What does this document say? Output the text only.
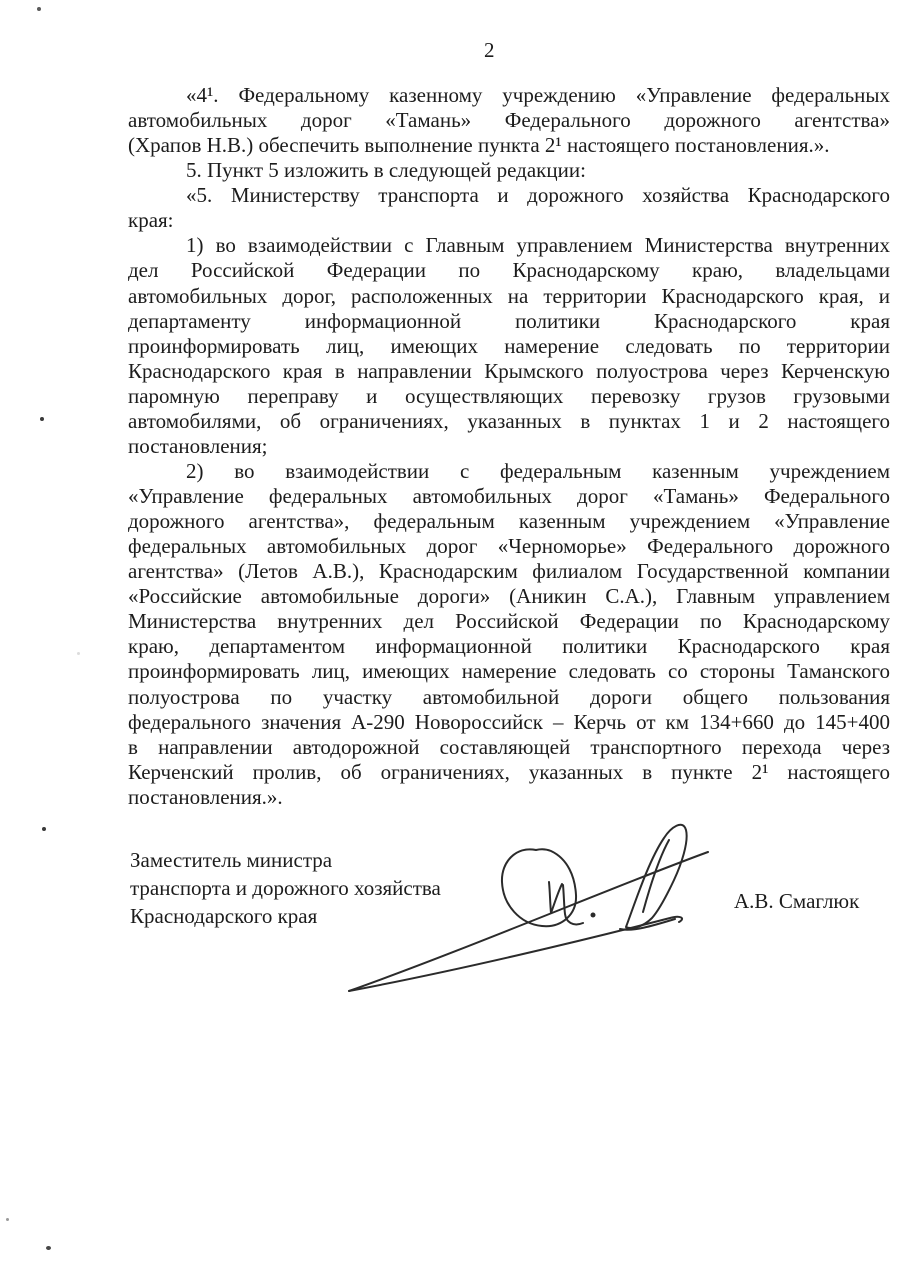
2
«4¹. Федеральному казенному учреждению «Управление федеральных
автомобильных дорог «Тамань» Федерального дорожного агентства»
(Храпов Н.В.) обеспечить выполнение пункта 2¹ настоящего постановления.».
5. Пункт 5 изложить в следующей редакции:
«5. Министерству транспорта и дорожного хозяйства Краснодарского
края:
1) во взаимодействии с Главным управлением Министерства внутренних
дел Российской Федерации по Краснодарскому краю, владельцами
автомобильных дорог, расположенных на территории Краснодарского края, и
департаменту информационной политики Краснодарского края
проинформировать лиц, имеющих намерение следовать по территории
Краснодарского края в направлении Крымского полуострова через Керченскую
паромную переправу и осуществляющих перевозку грузов грузовыми
автомобилями, об ограничениях, указанных в пунктах 1 и 2 настоящего
постановления;
2) во взаимодействии с федеральным казенным учреждением
«Управление федеральных автомобильных дорог «Тамань» Федерального
дорожного агентства», федеральным казенным учреждением «Управление
федеральных автомобильных дорог «Черноморье» Федерального дорожного
агентства» (Летов А.В.), Краснодарским филиалом Государственной компании
«Российские автомобильные дороги» (Аникин С.А.), Главным управлением
Министерства внутренних дел Российской Федерации по Краснодарскому
краю, департаментом информационной политики Краснодарского края
проинформировать лиц, имеющих намерение следовать со стороны Таманского
полуострова по участку автомобильной дороги общего пользования
федерального значения А-290 Новороссийск – Керчь от км 134+660 до 145+400
в направлении автодорожной составляющей транспортного перехода через
Керченский пролив, об ограничениях, указанных в пункте 2¹ настоящего
постановления.».
Заместитель министра
транспорта и дорожного хозяйства
Краснодарского края
А.В. Смаглюк
